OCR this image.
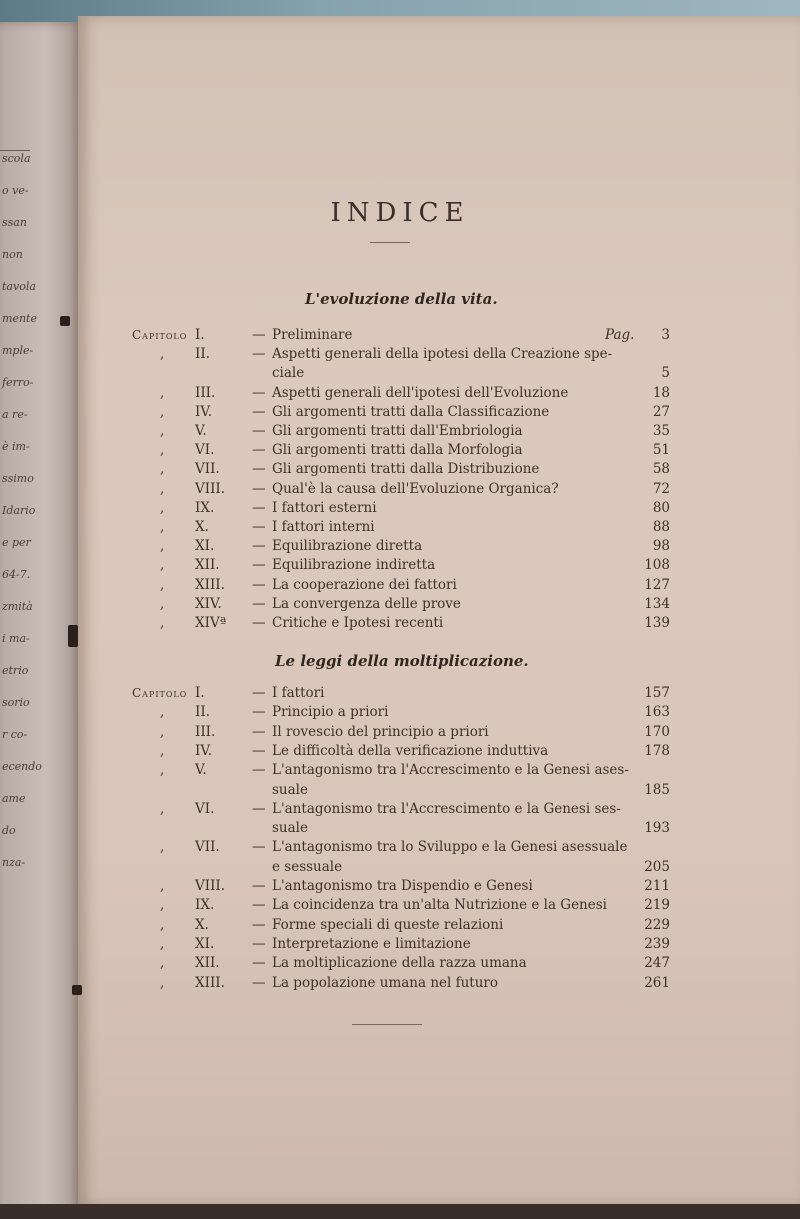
scola
o ve-
ssan
non
tavola
mente
mple-
ferro-
a re-
è im-
ssimo
Idario
e per
64-7.
zmità
i ma-
etrio
sorio
r co-
ecendo
ame
do
nza-
INDICE
L'evoluzione della vita.
Capitolo I.	— Preliminare	Pag.	3
, II.	— Aspetti generali della ipotesi della Creazione spe-
ciale	5
, III.	— Aspetti generali dell'ipotesi dell'Evoluzione	18
, IV.	— Gli argomenti tratti dalla Classificazione	27
, V.	— Gli argomenti tratti dall'Embriologia	35
, VI.	— Gli argomenti tratti dalla Morfologia	51
, VII. — Gli argomenti tratti dalla Distribuzione	58
, VIII. — Qual'è la causa dell'Evoluzione Organica?	72
, IX.	— I fattori esterni	80
, X.	— I fattori interni	88
, XI.	— Equilibrazione diretta	98
, XII. — Equilibrazione indiretta	108
, XIII. — La cooperazione dei fattori	127
, XIV. — La convergenza delle prove	134
, XIVª — Critiche e Ipotesi recenti	139
Le leggi della moltiplicazione.
Capitolo I.	— I fattori	157
, II.	— Principio a priori	163
, III.	— Il rovescio del principio a priori	170
, IV.	— Le difficoltà della verificazione induttiva	178
, V.	— L'antagonismo tra l'Accrescimento e la Genesi ases-
suale	185
, VI.	— L'antagonismo tra l'Accrescimento e la Genesi ses-
suale	193
, VII. — L'antagonismo tra lo Sviluppo e la Genesi asessuale
e sessuale	205
, VIII. — L'antagonismo tra Dispendio e Genesi	211
, IX.	— La coincidenza tra un'alta Nutrizione e la Genesi	219
, X.	— Forme speciali di queste relazioni	229
, XI.	— Interpretazione e limitazione	239
, XII. — La moltiplicazione della razza umana	247
, XIII. — La popolazione umana nel futuro	261
